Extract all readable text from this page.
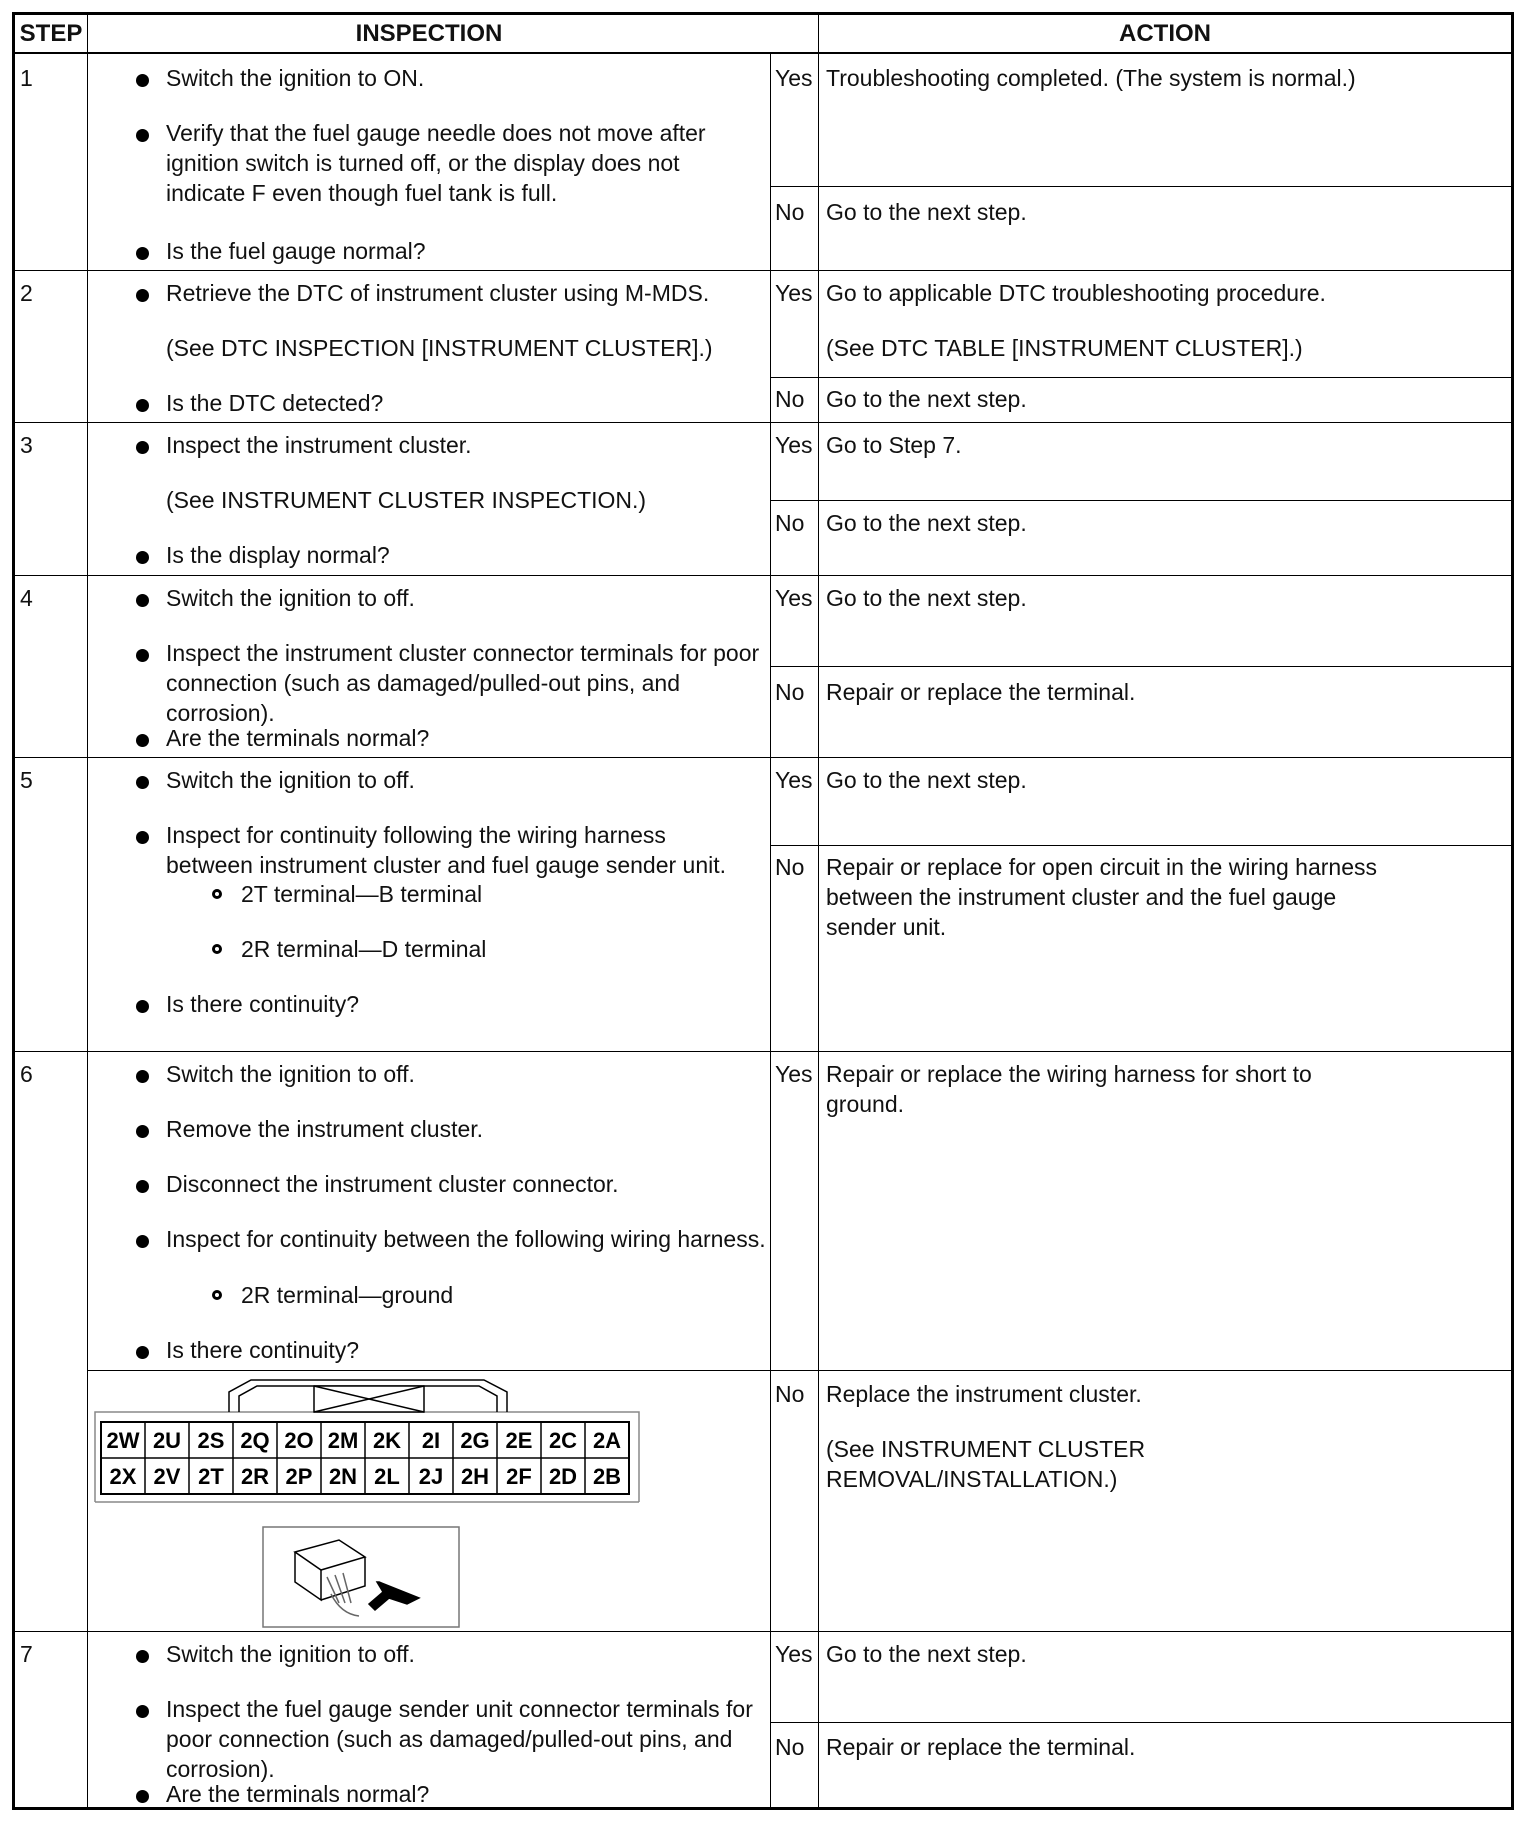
STEP	INSPECTION	ACTION
1	Switch the ignition to ON.
Verify that the fuel gauge needle does not move after ignition switch is turned off, or the display does not indicate F even though fuel tank is full.
Is the fuel gauge normal?
Yes Troubleshooting completed. (The system is normal.)
No Go to the next step.
2	Retrieve the DTC of instrument cluster using M-MDS.
(See DTC INSPECTION [INSTRUMENT CLUSTER].)
Is the DTC detected?
Yes Go to applicable DTC troubleshooting procedure.
(See DTC TABLE [INSTRUMENT CLUSTER].)
No Go to the next step.
3	Inspect the instrument cluster.
(See INSTRUMENT CLUSTER INSPECTION.)
Is the display normal?
Yes Go to Step 7.
No Go to the next step.
4	Switch the ignition to off.
Inspect the instrument cluster connector terminals for poor connection (such as damaged/pulled-out pins, and corrosion).
Are the terminals normal?
Yes Go to the next step.
No Repair or replace the terminal.
5	Switch the ignition to off.
Inspect for continuity following the wiring harness between instrument cluster and fuel gauge sender unit.
2T terminal—B terminal
2R terminal—D terminal
Is there continuity?
Yes Go to the next step.
No Repair or replace for open circuit in the wiring harness between the instrument cluster and the fuel gauge sender unit.
6	Switch the ignition to off.
Remove the instrument cluster.
Disconnect the instrument cluster connector.
Inspect for continuity between the following wiring harness.
2R terminal—ground
Is there continuity?
Yes Repair or replace the wiring harness for short to ground.
No Replace the instrument cluster.
(See INSTRUMENT CLUSTER REMOVAL/INSTALLATION.)
2W 2U 2S 2Q 2O 2M 2K 2I 2G 2E 2C 2A
2X 2V 2T 2R 2P 2N 2L 2J 2H 2F 2D 2B
7	Switch the ignition to off.
Inspect the fuel gauge sender unit connector terminals for poor connection (such as damaged/pulled-out pins, and corrosion).
Are the terminals normal?
Yes Go to the next step.
No Repair or replace the terminal.
